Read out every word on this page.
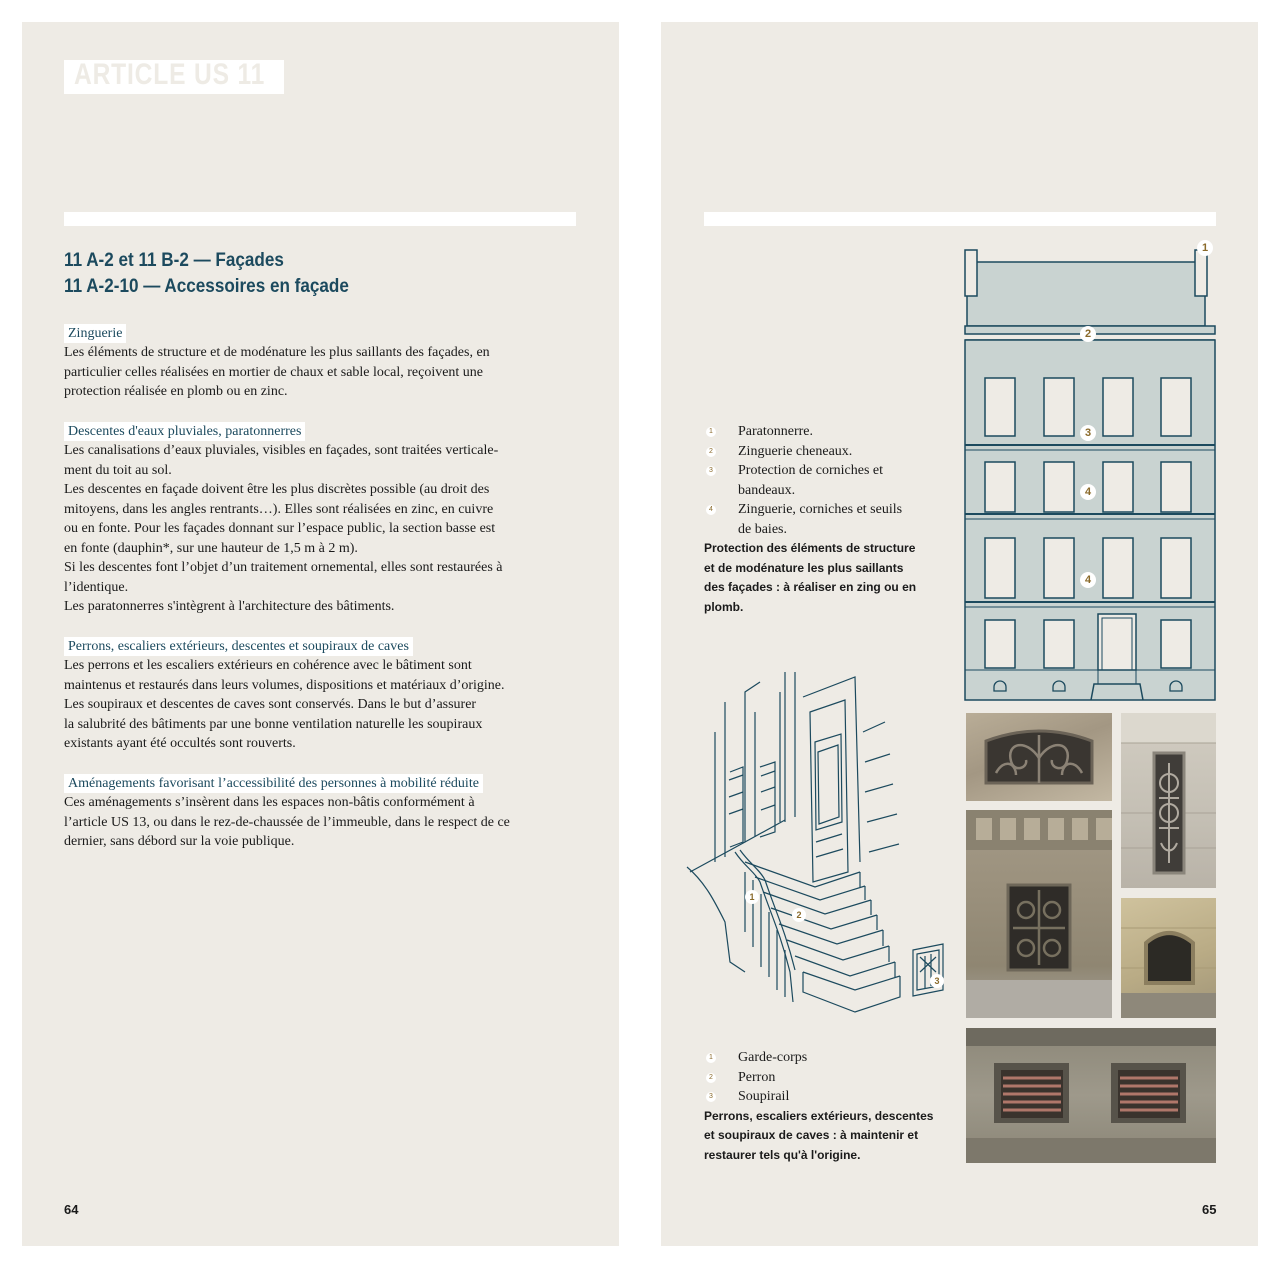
ARTICLE US 11
11 A-2 et 11 B-2 — Façades
11 A-2-10 — Accessoires en façade
Zinguerie
Les éléments de structure et de modénature les plus saillants des façades, en
particulier celles réalisées en mortier de chaux et sable local, reçoivent une
protection réalisée en plomb ou en zinc.
Descentes d'eaux pluviales, paratonnerres
Les canalisations d’eaux pluviales, visibles en façades, sont traitées verticale-
ment du toit au sol.
Les descentes en façade doivent être les plus discrètes possible (au droit des
mitoyens, dans les angles rentrants…). Elles sont réalisées en zinc, en cuivre
ou en fonte. Pour les façades donnant sur l’espace public, la section basse est
en fonte (dauphin*, sur une hauteur de 1,5 m à 2 m).
Si les descentes font l’objet d’un traitement ornemental, elles sont restaurées à
l’identique.
Les paratonnerres s'intègrent à l'architecture des bâtiments.
Perrons, escaliers extérieurs, descentes et soupiraux de caves
Les perrons et les escaliers extérieurs en cohérence avec le bâtiment sont
maintenus et restaurés dans leurs volumes, dispositions et matériaux d’origine.
Les soupiraux et descentes de caves sont conservés. Dans le but d’assurer
la salubrité des bâtiments par une bonne ventilation naturelle les soupiraux
existants ayant été occultés sont rouverts.
Aménagements favorisant l’accessibilité des personnes à mobilité réduite
Ces aménagements s’insèrent dans les espaces non-bâtis conformément à
l’article US 13, ou dans le rez-de-chaussée de l’immeuble, dans le respect de ce
dernier, sans débord sur la voie publique.
64
1
2
3
4
4
1 Paratonnerre.
2 Zinguerie cheneaux.
3 Protection de corniches et
bandeaux.
4 Zinguerie, corniches et seuils
de baies.
Protection des éléments de structure
et de modénature les plus saillants
des façades : à réaliser en zing ou en
plomb.
1
2
3
1 Garde-corps
2 Perron
3 Soupirail
Perrons, escaliers extérieurs, descentes
et soupiraux de caves : à maintenir et
restaurer tels qu'à l'origine.
65
